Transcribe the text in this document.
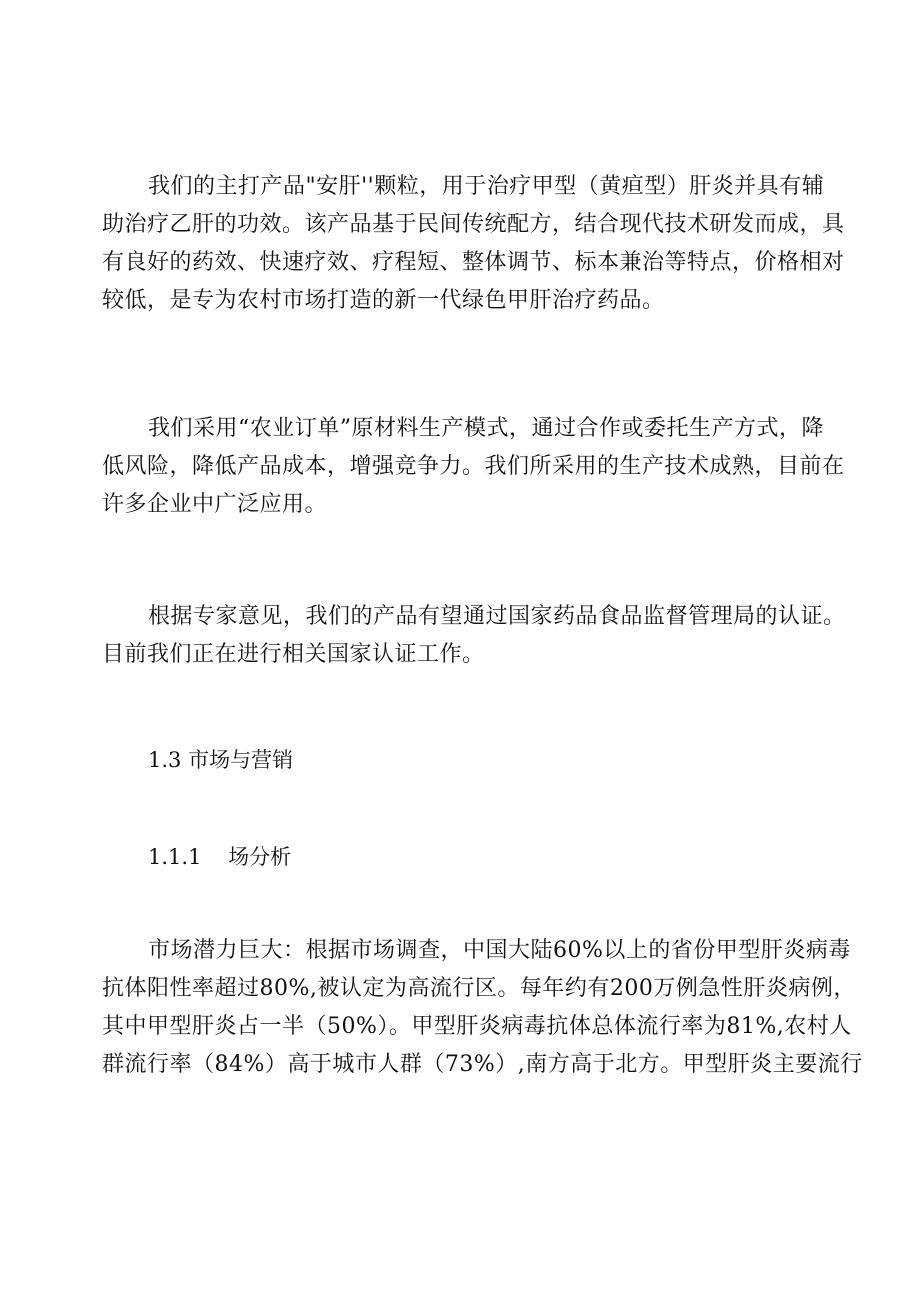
我们的主打产品"安肝''颗粒，用于治疗甲型（黄疸型）肝炎并具有辅
助治疗乙肝的功效。该产品基于民间传统配方，结合现代技术研发而成，具
有良好的药效、快速疗效、疗程短、整体调节、标本兼治等特点，价格相对
较低，是专为农村市场打造的新一代绿色甲肝治疗药品。

我们采用“农业订单”原材料生产模式，通过合作或委托生产方式，降
低风险，降低产品成本，增强竞争力。我们所采用的生产技术成熟，目前在
许多企业中广泛应用。

根据专家意见，我们的产品有望通过国家药品食品监督管理局的认证。
目前我们正在进行相关国家认证工作。

1.3 市场与营销
1.1.1    场分析

市场潜力巨大：根据市场调查，中国大陆60%以上的省份甲型肝炎病毒
抗体阳性率超过80%,被认定为高流行区。每年约有200万例急性肝炎病例，
其中甲型肝炎占一半（50%）。甲型肝炎病毒抗体总体流行率为81%,农村人
群流行率（84%）高于城市人群（73%）,南方高于北方。甲型肝炎主要流行
